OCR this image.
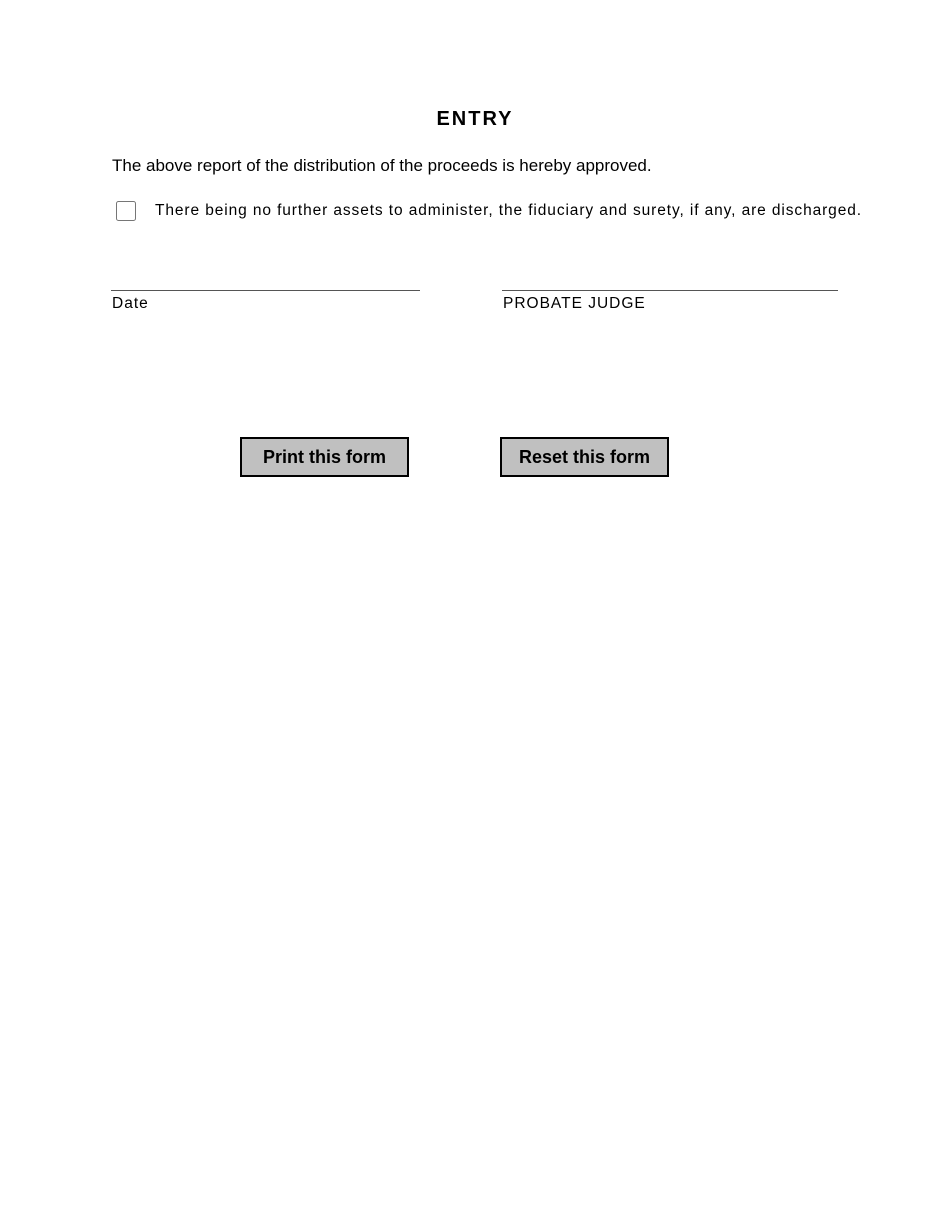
ENTRY
The above report of the distribution of the proceeds is hereby approved.
There being no further assets to administer, the fiduciary and surety, if any, are discharged.
Date	PROBATE JUDGE
Print this form	Reset this form
